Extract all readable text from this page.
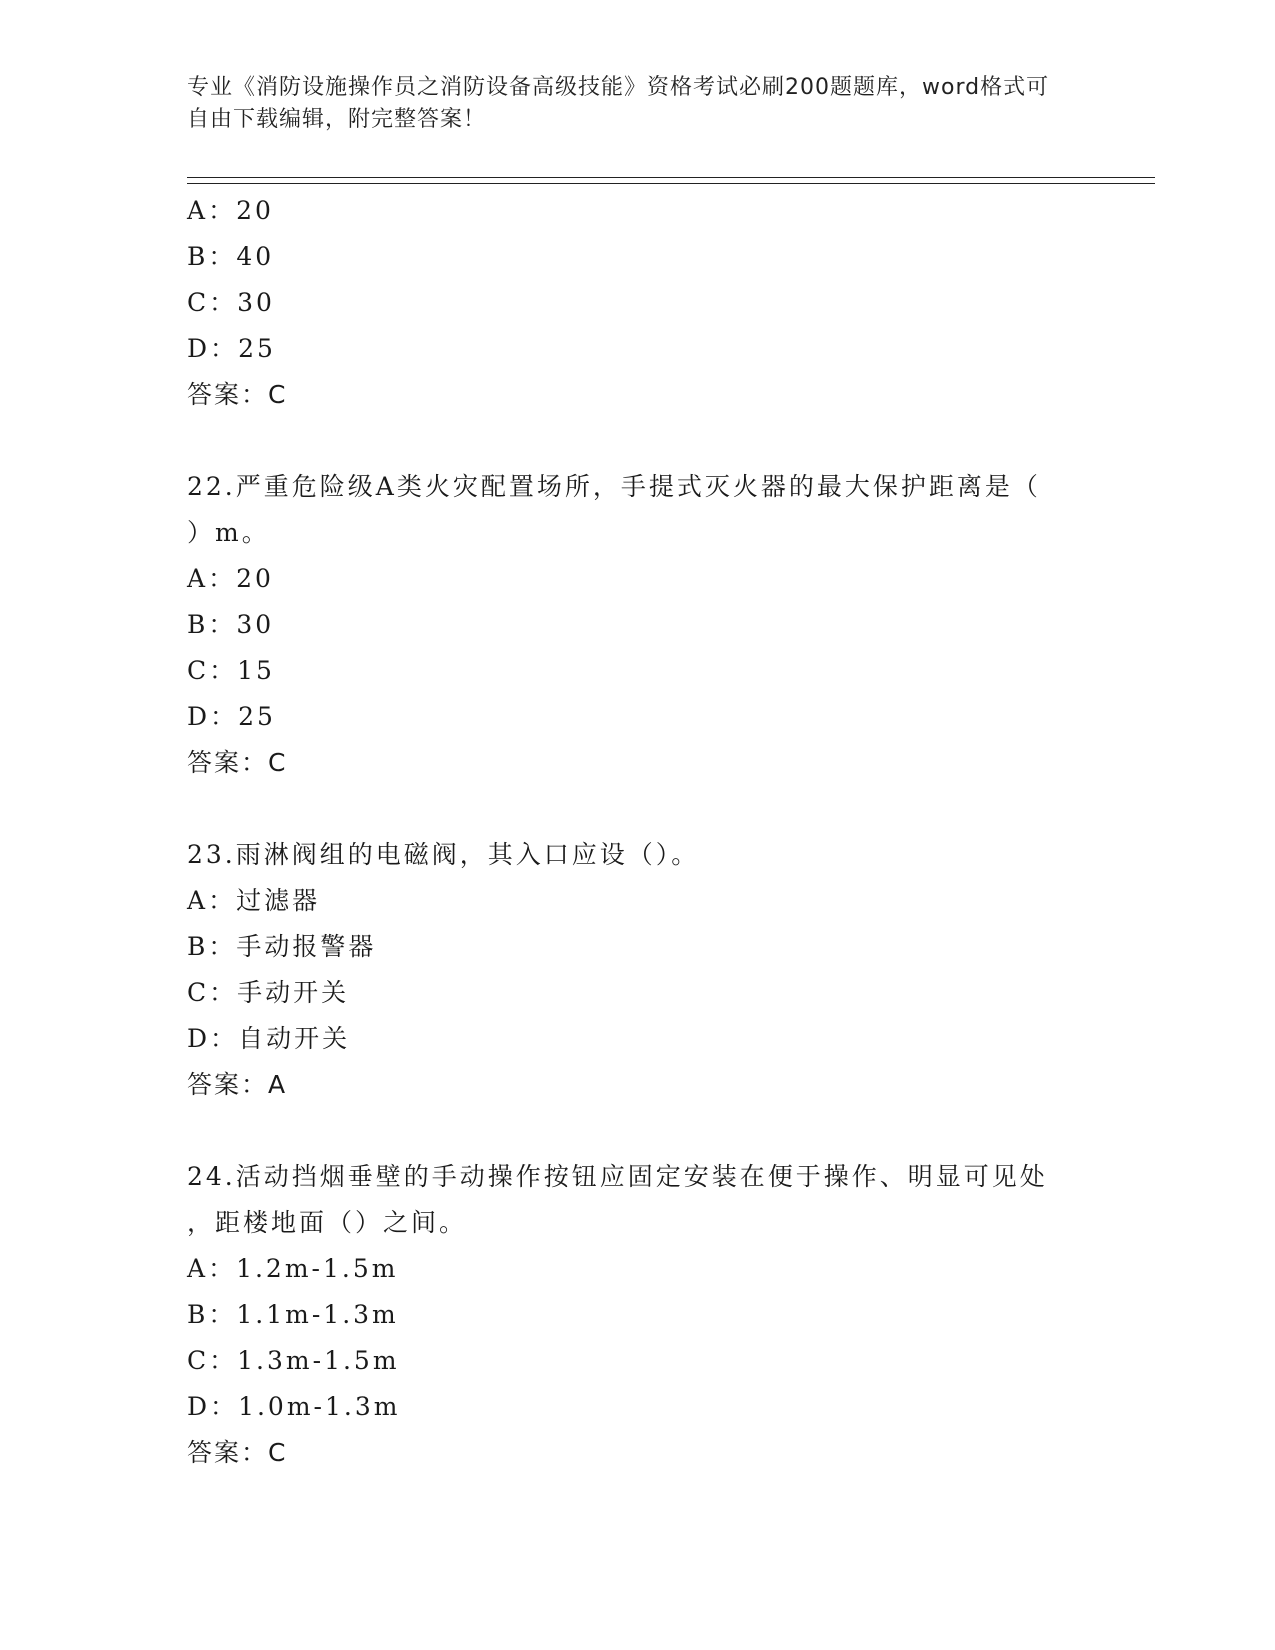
专业《消防设施操作员之消防设备高级技能》资格考试必刷200题题库，word格式可自由下载编辑，附完整答案！
A：20
B：40
C：30
D：25
答案：C
22.严重危险级A类火灾配置场所，手提式灭火器的最大保护距离是（
）m。
A：20
B：30
C：15
D：25
答案：C
23.雨淋阀组的电磁阀，其入口应设（）。
A：过滤器
B：手动报警器
C：手动开关
D：自动开关
答案：A
24.活动挡烟垂壁的手动操作按钮应固定安装在便于操作、明显可见处
，距楼地面（）之间。
A：1.2m-1.5m
B：1.1m-1.3m
C：1.3m-1.5m
D：1.0m-1.3m
答案：C
